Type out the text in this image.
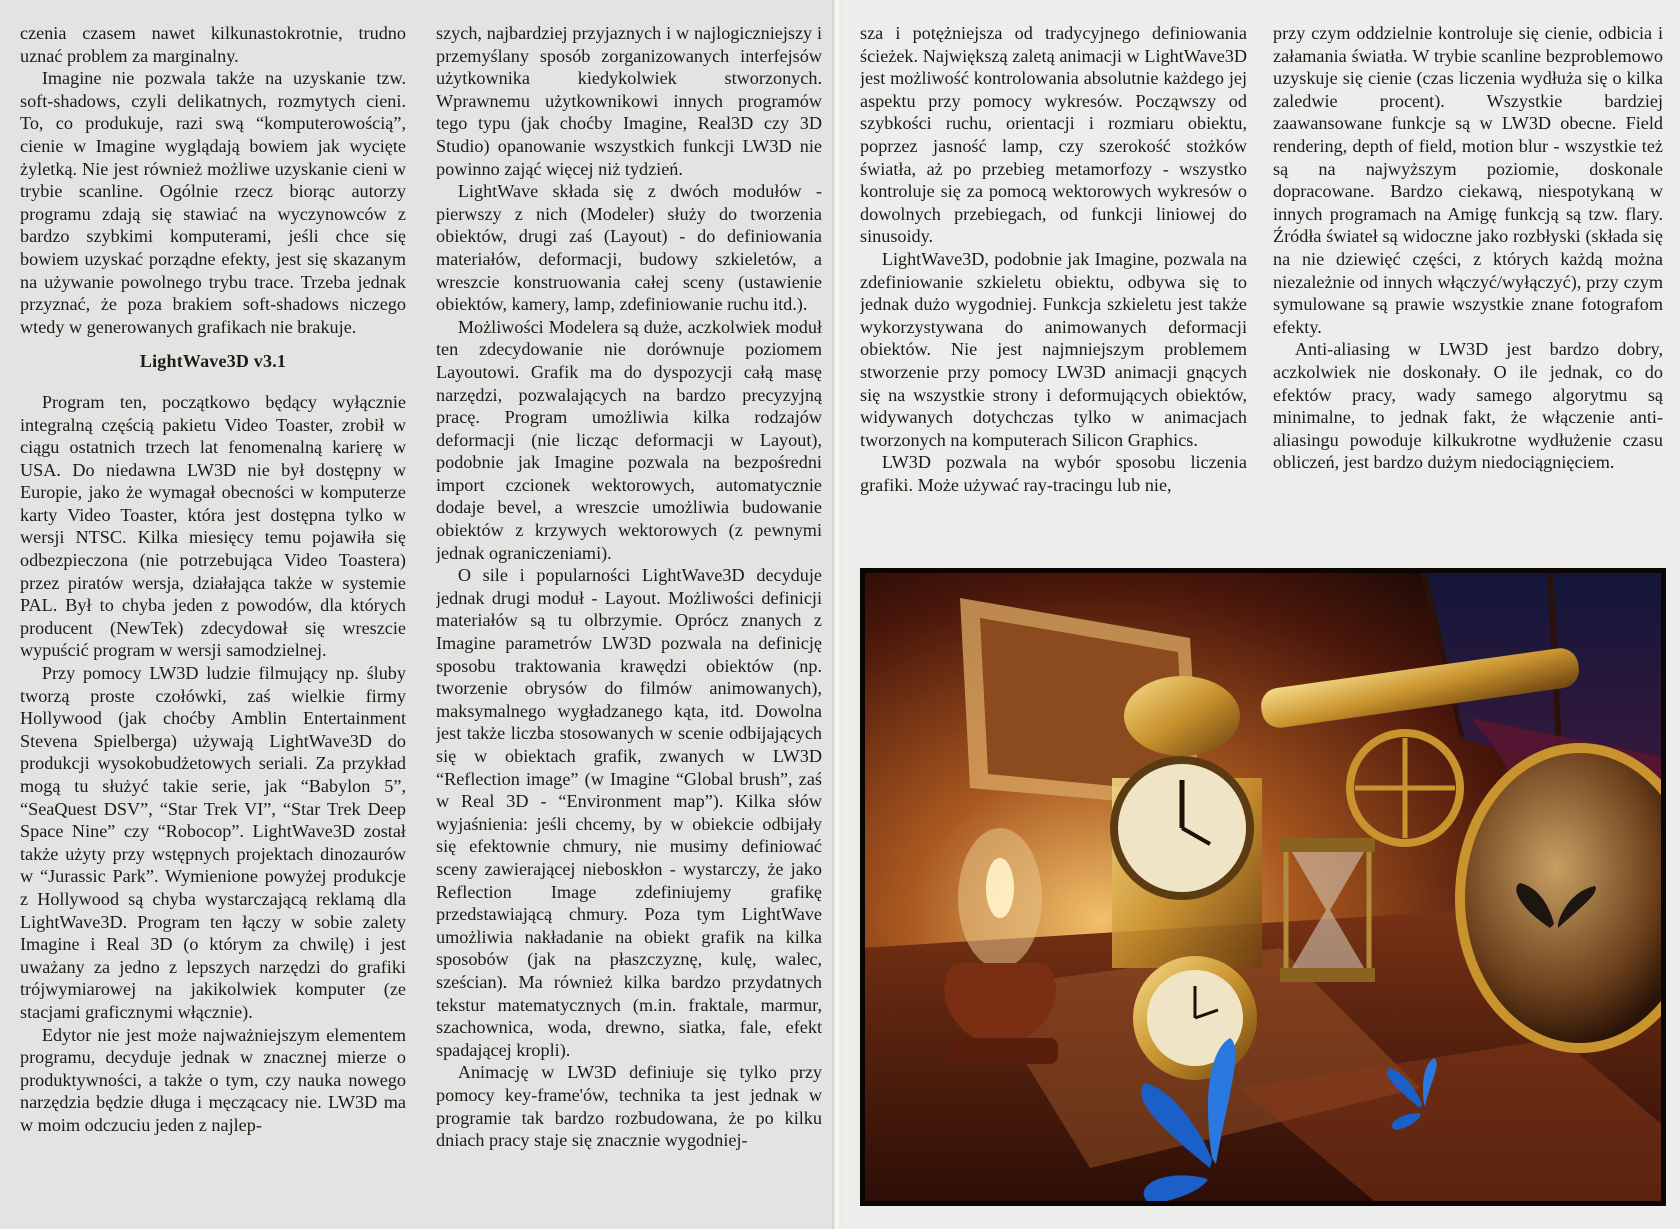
czenia czasem nawet kilkunastokrotnie, trudno uznać problem za marginalny.

Imagine nie pozwala także na uzyskanie tzw. soft-shadows, czyli delikatnych, rozmytych cieni. To, co produkuje, razi swą “komputerowością”, cienie w Imagine wyglądają bowiem jak wycięte żyletką. Nie jest również możliwe uzyskanie cieni w trybie scanline. Ogólnie rzecz biorąc autorzy programu zdają się stawiać na wyczynowców z bardzo szybkimi komputerami, jeśli chce się bowiem uzyskać porządne efekty, jest się skazanym na używanie powolnego trybu trace. Trzeba jednak przyznać, że poza brakiem soft-shadows niczego wtedy w generowanych grafikach nie brakuje.

LightWave3D v3.1

Program ten, początkowo będący wyłącznie integralną częścią pakietu Video Toaster, zrobił w ciągu ostatnich trzech lat fenomenalną karierę w USA. Do niedawna LW3D nie był dostępny w Europie, jako że wymagał obecności w komputerze karty Video Toaster, która jest dostępna tylko w wersji NTSC. Kilka miesięcy temu pojawiła się odbezpieczona (nie potrzebująca Video Toastera) przez piratów wersja, działająca także w systemie PAL. Był to chyba jeden z powodów, dla których producent (NewTek) zdecydował się wreszcie wypuścić program w wersji samodzielnej.

Przy pomocy LW3D ludzie filmujący np. śluby tworzą proste czołówki, zaś wielkie firmy Hollywood (jak choćby Amblin Entertainment Stevena Spielberga) używają LightWave3D do produkcji wysokobudżetowych seriali. Za przykład mogą tu służyć takie serie, jak “Babylon 5”, “SeaQuest DSV”, “Star Trek VI”, “Star Trek Deep Space Nine” czy “Robocop”. LightWave3D został także użyty przy wstępnych projektach dinozaurów w “Jurassic Park”. Wymienione powyżej produkcje z Hollywood są chyba wystarczającą reklamą dla LightWave3D. Program ten łączy w sobie zalety Imagine i Real 3D (o którym za chwilę) i jest uważany za jedno z lepszych narzędzi do grafiki trójwymiarowej na jakikolwiek komputer (ze stacjami graficznymi włącznie).

Edytor nie jest może najważniejszym elementem programu, decyduje jednak w znacznej mierze o produktywności, a także o tym, czy nauka nowego narzędzia będzie długa i męczącacy nie. LW3D ma w moim odczuciu jeden z najlep-

szych, najbardziej przyjaznych i w najlogiczniejszy i przemyślany sposób zorganizowanych interfejsów użytkownika kiedykolwiek stworzonych. Wprawnemu użytkownikowi innych programów tego typu (jak choćby Imagine, Real3D czy 3D Studio) opanowanie wszystkich funkcji LW3D nie powinno zająć więcej niż tydzień.

LightWave składa się z dwóch modułów - pierwszy z nich (Modeler) służy do tworzenia obiektów, drugi zaś (Layout) - do definiowania materiałów, deformacji, budowy szkieletów, a wreszcie konstruowania całej sceny (ustawienie obiektów, kamery, lamp, zdefiniowanie ruchu itd.).

Możliwości Modelera są duże, aczkolwiek moduł ten zdecydowanie nie dorównuje poziomem Layoutowi. Grafik ma do dyspozycji całą masę narzędzi, pozwalających na bardzo precyzyjną pracę. Program umożliwia kilka rodzajów deformacji (nie licząc deformacji w Layout), podobnie jak Imagine pozwala na bezpośredni import czcionek wektorowych, automatycznie dodaje bevel, a wreszcie umożliwia budowanie obiektów z krzywych wektorowych (z pewnymi jednak ograniczeniami).

O sile i popularności LightWave3D decyduje jednak drugi moduł - Layout. Możliwości definicji materiałów są tu olbrzymie. Oprócz znanych z Imagine parametrów LW3D pozwala na definicję sposobu traktowania krawędzi obiektów (np. tworzenie obrysów do filmów animowanych), maksymalnego wygładzanego kąta, itd. Dowolna jest także liczba stosowanych w scenie odbijających się w obiektach grafik, zwanych w LW3D “Reflection image” (w Imagine “Global brush”, zaś w Real 3D - “Environment map”). Kilka słów wyjaśnienia: jeśli chcemy, by w obiekcie odbijały się efektownie chmury, nie musimy definiować sceny zawierającej nieboskłon - wystarczy, że jako Reflection Image zdefiniujemy grafikę przedstawiającą chmury. Poza tym LightWave umożliwia nakładanie na obiekt grafik na kilka sposobów (jak na płaszczyznę, kulę, walec, sześcian). Ma również kilka bardzo przydatnych tekstur matematycznych (m.in. fraktale, marmur, szachownica, woda, drewno, siatka, fale, efekt spadającej kropli).

Animację w LW3D definiuje się tylko przy pomocy key-frame'ów, technika ta jest jednak w programie tak bardzo rozbudowana, że po kilku dniach pracy staje się znacznie wygodniej-

sza i potężniejsza od tradycyjnego definiowania ścieżek. Największą zaletą animacji w LightWave3D jest możliwość kontrolowania absolutnie każdego jej aspektu przy pomocy wykresów. Począwszy od szybkości ruchu, orientacji i rozmiaru obiektu, poprzez jasność lamp, czy szerokość stożków światła, aż po przebieg metamorfozy - wszystko kontroluje się za pomocą wektorowych wykresów o dowolnych przebiegach, od funkcji liniowej do sinusoidy.

LightWave3D, podobnie jak Imagine, pozwala na zdefiniowanie szkieletu obiektu, odbywa się to jednak dużo wygodniej. Funkcja szkieletu jest także wykorzystywana do animowanych deformacji obiektów. Nie jest najmniejszym problemem stworzenie przy pomocy LW3D animacji gnących się na wszystkie strony i deformujących obiektów, widywanych dotychczas tylko w animacjach tworzonych na komputerach Silicon Graphics.

LW3D pozwala na wybór sposobu liczenia grafiki. Może używać ray-tracingu lub nie,

przy czym oddzielnie kontroluje się cienie, odbicia i załamania światła. W trybie scanline bezproblemowo uzyskuje się cienie (czas liczenia wydłuża się o kilka zaledwie procent). Wszystkie bardziej zaawansowane funkcje są w LW3D obecne. Field rendering, depth of field, motion blur - wszystkie też są na najwyższym poziomie, doskonale dopracowane. Bardzo ciekawą, niespotykaną w innych programach na Amigę funkcją są tzw. flary. Źródła świateł są widoczne jako rozbłyski (składa się na nie dziewięć części, z których każdą można niezależnie od innych włączyć/wyłączyć), przy czym symulowane są prawie wszystkie znane fotografom efekty.

Anti-aliasing w LW3D jest bardzo dobry, aczkolwiek nie doskonały. O ile jednak, co do efektów pracy, wady samego algorytmu są minimalne, to jednak fakt, że włączenie anti-aliasingu powoduje kilkukrotne wydłużenie czasu obliczeń, jest bardzo dużym niedociągnięciem.
